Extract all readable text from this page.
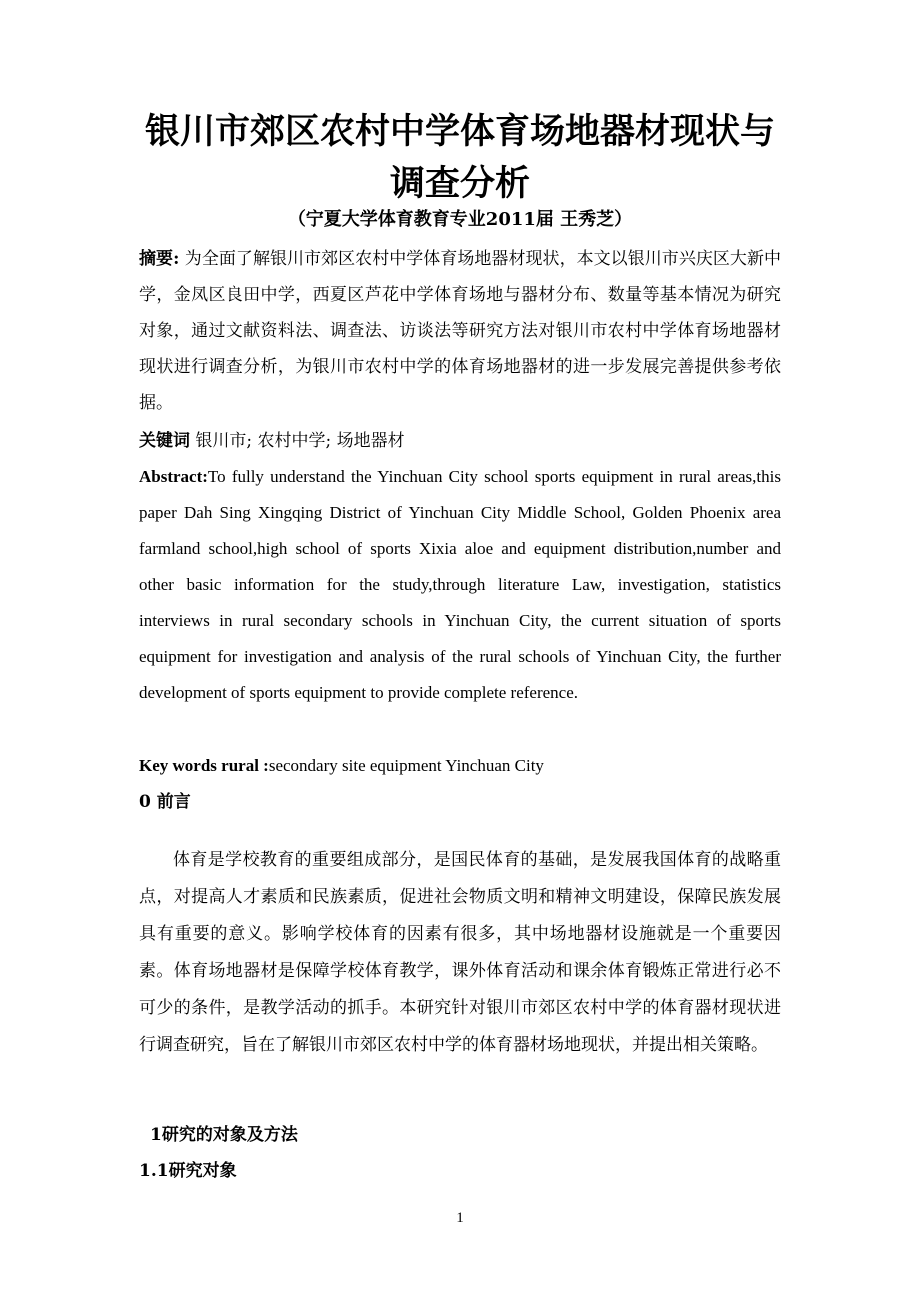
银川市郊区农村中学体育场地器材现状与
调查分析
（宁夏大学体育教育专业2011届 王秀芝）

摘要: 为全面了解银川市郊区农村中学体育场地器材现状，本文以银川市兴庆区大新中学，金凤区良田中学，西夏区芦花中学体育场地与器材分布、数量等基本情况为研究对象，通过文献资料法、调查法、访谈法等研究方法对银川市农村中学体育场地器材现状进行调查分析，为银川市农村中学的体育场地器材的进一步发展完善提供参考依据。

关键词 银川市; 农村中学; 场地器材

Abstract:To fully understand the Yinchuan City school sports equipment in rural areas,this paper Dah Sing Xingqing District of Yinchuan City Middle School, Golden Phoenix area farmland school,high school of sports Xixia aloe and equipment distribution,number and other basic information for the study,through literature Law, investigation, statistics interviews in rural secondary schools in Yinchuan City, the current situation of sports equipment for investigation and analysis of the rural schools of Yinchuan City, the further development of sports equipment to provide complete reference.

Key words rural :secondary site equipment Yinchuan City

0 前言

体育是学校教育的重要组成部分，是国民体育的基础，是发展我国体育的战略重点，对提高人才素质和民族素质，促进社会物质文明和精神文明建设，保障民族发展具有重要的意义。影响学校体育的因素有很多，其中场地器材设施就是一个重要因素。体育场地器材是保障学校体育教学，课外体育活动和课余体育锻炼正常进行必不可少的条件，是教学活动的抓手。本研究针对银川市郊区农村中学的体育器材现状进行调查研究，旨在了解银川市郊区农村中学的体育器材场地现状，并提出相关策略。

1研究的对象及方法

1.1研究对象

1
